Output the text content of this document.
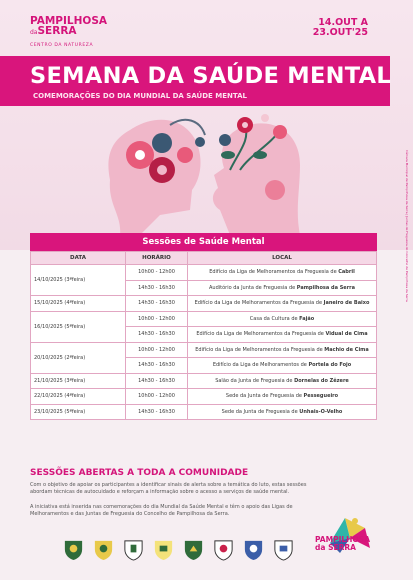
PAMPILHOSA
daSERRA
CENTRO DA NATUREZA
14.OUT A
23.OUT'25
SEMANA DA SAÚDE MENTAL
COMEMORAÇÕES DO DIA MUNDIAL DA SAÚDE MENTAL
Câmara Municipal de Pampilhosa da Serra | Juntas de Freguesia do Concelho de Pampilhosa da Serra
Sessões de Saúde Mental
DATA	HORÁRIO	LOCAL
14/10/2025 (3ªfeira)	10h00 - 12h00	Edifício da Liga de Melhoramentos da Freguesia de Cabril
	14h30 - 16h30	Auditório da Junta de Freguesia de Pampilhosa da Serra
15/10/2025 (4ªfeira)	14h30 - 16h30	Edifício da Liga de Melhoramentos da Freguesia de Janeiro de Baixo
16/10/2025 (5ªfeira)	10h00 - 12h00	Casa da Cultura de Fajão
	14h30 - 16h30	Edifício da Liga de Melhoramentos da Freguesia de Vidual de Cima
20/10/2025 (2ªfeira)	10h00 - 12h00	Edifício da Liga de Melhoramentos da Freguesia de Machio de Cima
	14h30 - 16h30	Edifício da Liga de Melhoramentos de Portela do Fojo
21/10/2025 (3ªfeira)	14h30 - 16h30	Salão da Junta de Freguesia de Dornelas do Zêzere
22/10/2025 (4ªfeira)	10h00 - 12h00	Sede da Junta de Freguesia de Pessegueiro
23/10/2025 (5ªfeira)	14h30 - 16h30	Sede da Junta de Freguesia de Unhais-O-Velho
SESSÕES ABERTAS A TODA A COMUNIDADE
Com o objetivo de apoiar os participantes a identificar sinais de alerta sobre a temática do luto, estas sessões abordam técnicas de autocuidado e reforçam a informação sobre o acesso a serviços de saúde mental.
A iniciativa está inserida nas comemorações do dia Mundial da Saúde Mental e têm o apoio das Ligas de Melhoramentos e das Juntas de Freguesia do Concelho de Pampilhosa da Serra.
PAMPILHOSA
da SERRA
